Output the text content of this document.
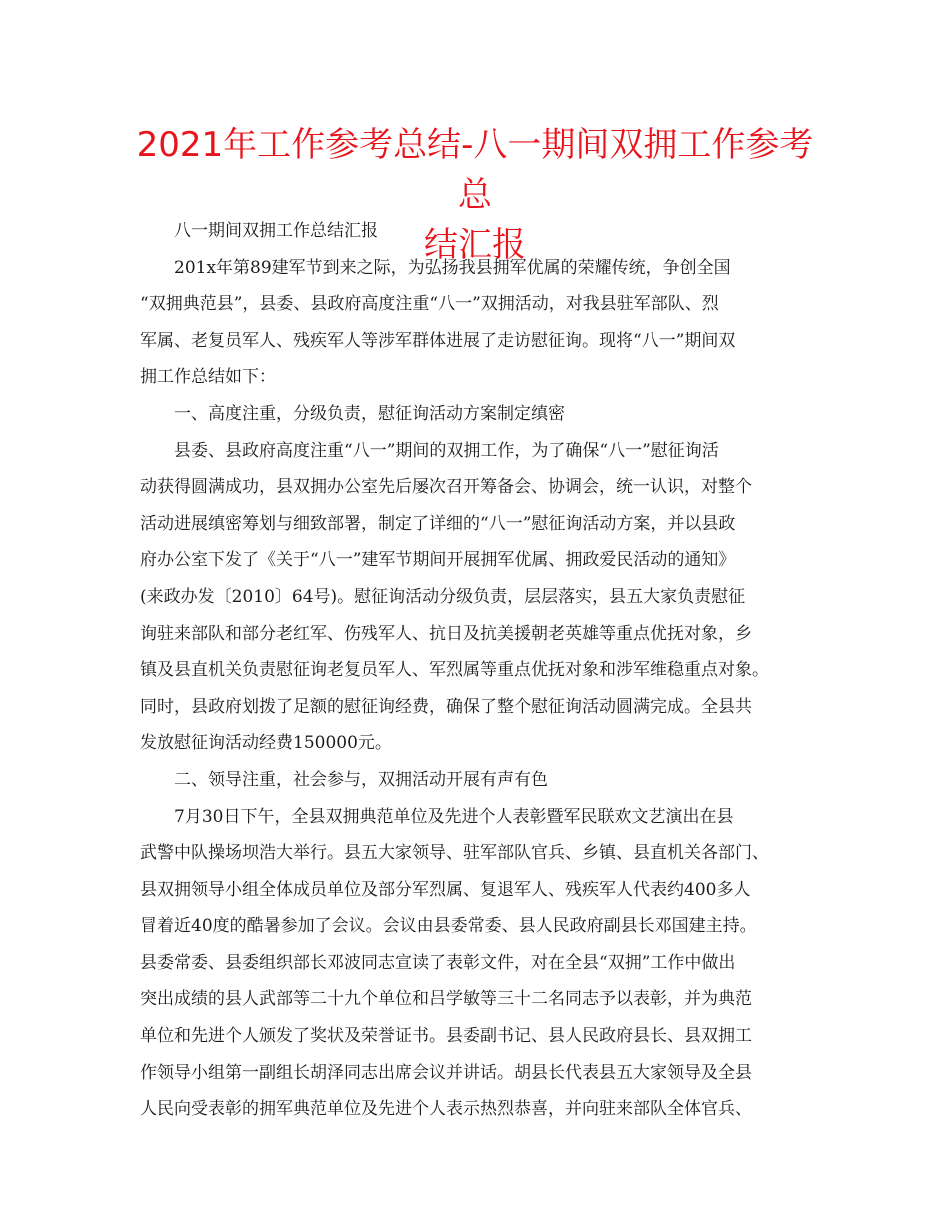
2021年工作参考总结-八一期间双拥工作参考总
结汇报
八一期间双拥工作总结汇报
201x年第89建军节到来之际，为弘扬我县拥军优属的荣耀传统，争创全国
“双拥典范县”，县委、县政府高度注重“八一”双拥活动，对我县驻军部队、烈
军属、老复员军人、残疾军人等涉军群体进展了走访慰征询。现将“八一”期间双
拥工作总结如下：
一、高度注重，分级负责，慰征询活动方案制定缜密
县委、县政府高度注重“八一”期间的双拥工作，为了确保“八一”慰征询活
动获得圆满成功，县双拥办公室先后屡次召开筹备会、协调会，统一认识，对整个
活动进展缜密筹划与细致部署，制定了详细的“八一”慰征询活动方案，并以县政
府办公室下发了《关于“八一”建军节期间开展拥军优属、拥政爱民活动的通知》
(来政办发〔2010〕64号)。慰征询活动分级负责，层层落实，县五大家负责慰征
询驻来部队和部分老红军、伤残军人、抗日及抗美援朝老英雄等重点优抚对象，乡
镇及县直机关负责慰征询老复员军人、军烈属等重点优抚对象和涉军维稳重点对象。
同时，县政府划拨了足额的慰征询经费，确保了整个慰征询活动圆满完成。全县共
发放慰征询活动经费150000元。
二、领导注重，社会参与，双拥活动开展有声有色
7月30日下午，全县双拥典范单位及先进个人表彰暨军民联欢文艺演出在县
武警中队操场坝浩大举行。县五大家领导、驻军部队官兵、乡镇、县直机关各部门、
县双拥领导小组全体成员单位及部分军烈属、复退军人、残疾军人代表约400多人
冒着近40度的酷暑参加了会议。会议由县委常委、县人民政府副县长邓国建主持。
县委常委、县委组织部长邓波同志宣读了表彰文件，对在全县“双拥”工作中做出
突出成绩的县人武部等二十九个单位和吕学敏等三十二名同志予以表彰，并为典范
单位和先进个人颁发了奖状及荣誉证书。县委副书记、县人民政府县长、县双拥工
作领导小组第一副组长胡泽同志出席会议并讲话。胡县长代表县五大家领导及全县
人民向受表彰的拥军典范单位及先进个人表示热烈恭喜，并向驻来部队全体官兵、
